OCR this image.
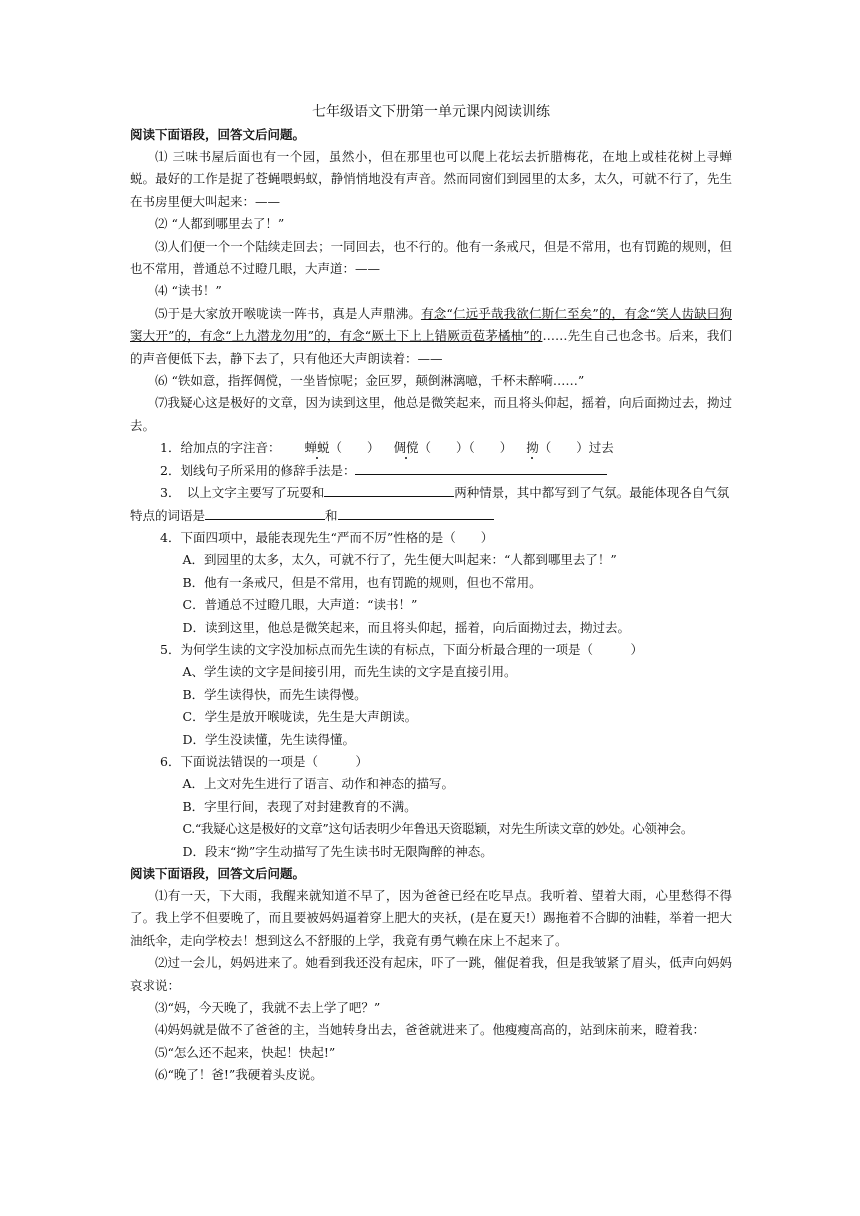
七年级语文下册第一单元课内阅读训练

阅读下面语段，回答文后问题。

⑴ 三味书屋后面也有一个园，虽然小，但在那里也可以爬上花坛去折腊梅花，在地上或桂花树上寻蝉蜕。最好的工作是捉了苍蝇喂蚂蚁，静悄悄地没有声音。然而同窗们到园里的太多，太久，可就不行了，先生在书房里便大叫起来：——

⑵ “人都到哪里去了！”

⑶人们便一个一个陆续走回去；一同回去，也不行的。他有一条戒尺，但是不常用，也有罚跪的规则，但也不常用，普通总不过瞪几眼，大声道：——

⑷ “读书！”

⑸于是大家放开喉咙读一阵书，真是人声鼎沸。有念“仁远乎哉我欲仁斯仁至矣”的，有念“笑人齿缺曰狗窦大开”的，有念“上九潜龙勿用”的，有念“厥土下上上错厥贡苞茅橘柚”的……先生自己也念书。后来，我们的声音便低下去，静下去了，只有他还大声朗读着：——

⑹ “铁如意，指挥倜傥，一坐皆惊呢；金叵罗，颠倒淋漓噫，千杯未醉嗬……”

⑺我疑心这是极好的文章，因为读到这里，他总是微笑起来，而且将头仰起，摇着，向后面拗过去，拗过去。

1．给加点的字注音： 蝉蜕（　　） 倜傥（　　）（　　） 拗（　　）过去

2．划线句子所采用的修辞手法是：

3．　以上文字主要写了玩耍和	两种情景，其中都写到了气氛。最能体现各自气氛特点的词语是	和

4．下面四项中，最能表现先生“严而不厉”性格的是（　　）

A．到园里的太多，太久，可就不行了，先生便大叫起来：“人都到哪里去了！”

B．他有一条戒尺，但是不常用，也有罚跪的规则，但也不常用。

C．普通总不过瞪几眼，大声道：“读书！”

D．读到这里，他总是微笑起来，而且将头仰起，摇着，向后面拗过去，拗过去。

5．为何学生读的文字没加标点而先生读的有标点，下面分析最合理的一项是（　　　）

A、学生读的文字是间接引用，而先生读的文字是直接引用。

B．学生读得快，而先生读得慢。

C．学生是放开喉咙读，先生是大声朗读。

D．学生没读懂，先生读得懂。

6．下面说法错误的一项是（　　　）

A．上文对先生进行了语言、动作和神态的描写。

B．字里行间，表现了对封建教育的不满。

C.“我疑心这是极好的文章”这句话表明少年鲁迅天资聪颖，对先生所读文章的妙处。心领神会。

D．段末“拗”字生动描写了先生读书时无限陶醉的神态。

阅读下面语段，回答文后问题。

⑴有一天，下大雨，我醒来就知道不早了，因为爸爸已经在吃早点。我听着、望着大雨，心里愁得不得了。我上学不但要晚了，而且要被妈妈逼着穿上肥大的夹袄，(是在夏天!）踢拖着不合脚的油鞋，举着一把大油纸伞，走向学校去！想到这么不舒服的上学，我竟有勇气赖在床上不起来了。

⑵过一会儿，妈妈进来了。她看到我还没有起床，吓了一跳，催促着我，但是我皱紧了眉头，低声向妈妈哀求说：

⑶“妈，今天晚了，我就不去上学了吧？”

⑷妈妈就是做不了爸爸的主，当她转身出去，爸爸就进来了。他瘦瘦高高的，站到床前来，瞪着我：

⑸“怎么还不起来，快起！快起!”

⑹“晚了！爸!”我硬着头皮说。
